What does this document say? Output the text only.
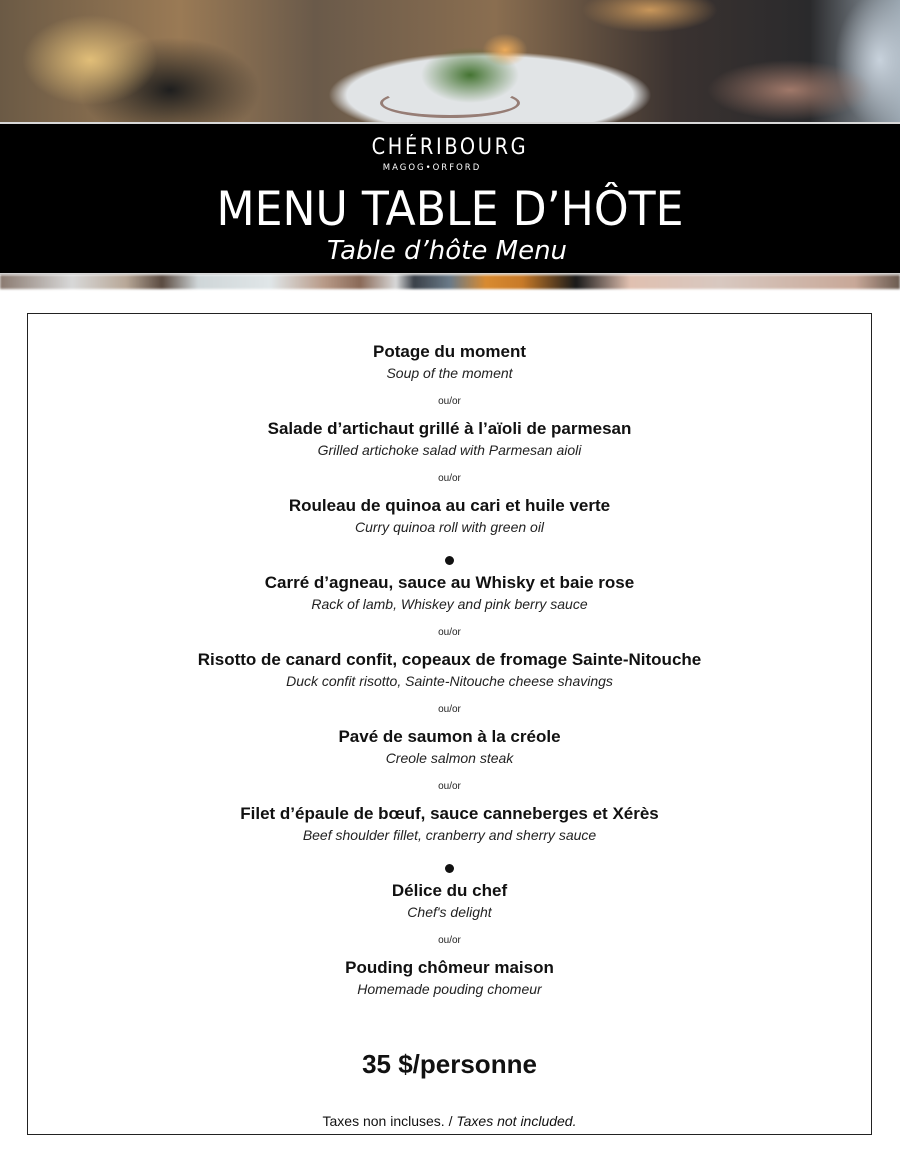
CHÉRIBOURG
MAGOG•ORFORD
MENU TABLE D’HÔTE
Table d’hôte Menu
Potage du moment
Soup of the moment
ou/or
Salade d’artichaut grillé à l’aïoli de parmesan
Grilled artichoke salad with Parmesan aioli
ou/or
Rouleau de quinoa au cari et huile verte
Curry quinoa roll with green oil
Carré d’agneau, sauce au Whisky et baie rose
Rack of lamb, Whiskey and pink berry sauce
ou/or
Risotto de canard confit, copeaux de fromage Sainte-Nitouche
Duck confit risotto, Sainte-Nitouche cheese shavings
ou/or
Pavé de saumon à la créole
Creole salmon steak
ou/or
Filet d’épaule de bœuf, sauce canneberges et Xérès
Beef shoulder fillet, cranberry and sherry sauce
Délice du chef
Chef's delight
ou/or
Pouding chômeur maison
Homemade pouding chomeur
35 $/personne
Taxes non incluses. / Taxes not included.
